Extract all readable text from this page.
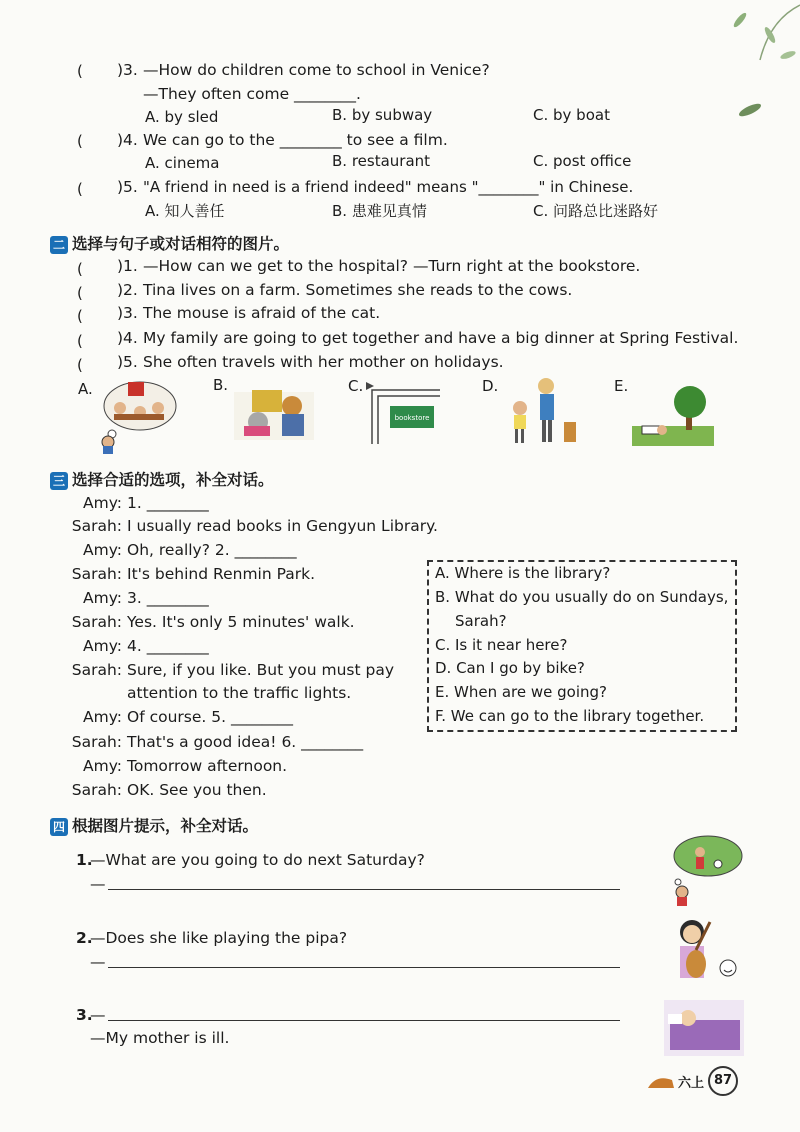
( )3. —How do children come to school in Venice?
—They often come ________.
A. by sled	B. by subway	C. by boat
( )4. We can go to the ________ to see a film.
A. cinema	B. restaurant	C. post office
( )5. "A friend in need is a friend indeed" means "________" in Chinese.
A. 知人善任	B. 患难见真情	C. 问路总比迷路好
二 选择与句子或对话相符的图片。
( )1. —How can we get to the hospital? —Turn right at the bookstore.
( )2. Tina lives on a farm. Sometimes she reads to the cows.
( )3. The mouse is afraid of the cat.
( )4. My family are going to get together and have a big dinner at Spring Festival.
( )5. She often travels with her mother on holidays.
A.	B.	C.
bookstore
D.	E.
三 选择合适的选项，补全对话。
Amy: 1. ________
Sarah: I usually read books in Gengyun Library.
Amy: Oh, really? 2. ________
Sarah: It's behind Renmin Park.
Amy: 3. ________
Sarah: Yes. It's only 5 minutes' walk.
Amy: 4. ________
Sarah: Sure, if you like. But you must pay
attention to the traffic lights.
Amy: Of course. 5. ________
Sarah: That's a good idea! 6. ________
Amy: Tomorrow afternoon.
Sarah: OK. See you then.
A. Where is the library?
B. What do you usually do on Sundays,
Sarah?
C. Is it near here?
D. Can I go by bike?
E. When are we going?
F. We can go to the library together.
四 根据图片提示，补全对话。
1.
—What are you going to do next Saturday?
—
2.
—Does she like playing the pipa?
—
3.
—
—My mother is ill.
六上 87
